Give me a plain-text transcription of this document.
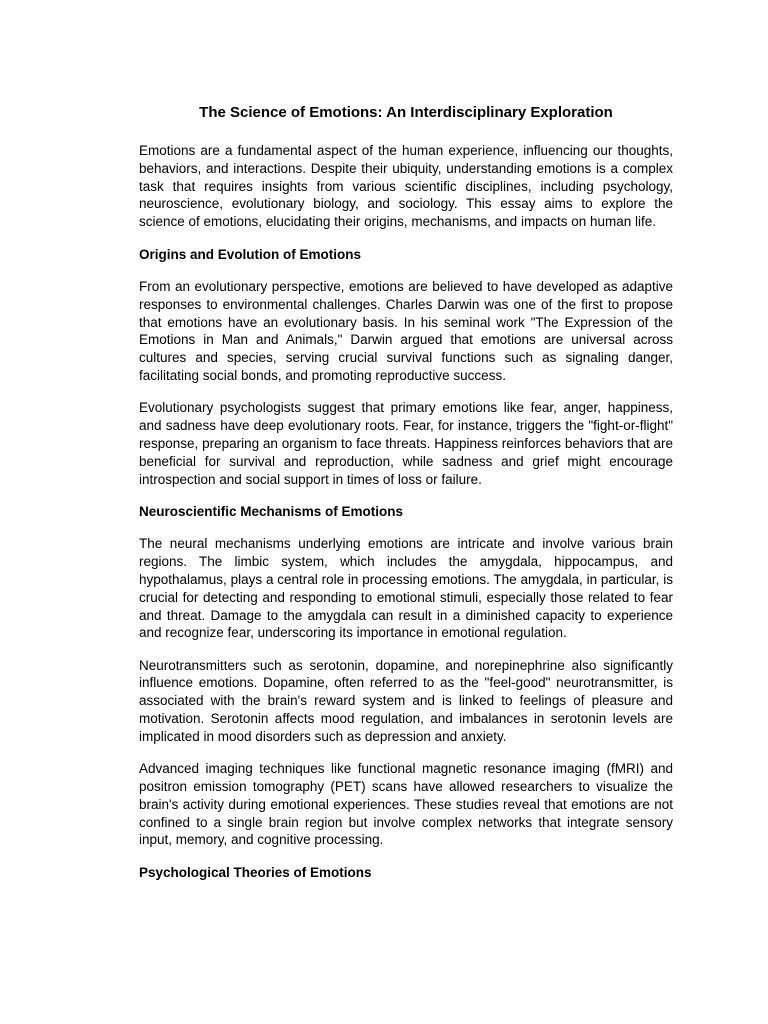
The Science of Emotions: An Interdisciplinary Exploration

Emotions are a fundamental aspect of the human experience, influencing our thoughts, behaviors, and interactions. Despite their ubiquity, understanding emotions is a complex task that requires insights from various scientific disciplines, including psychology, neuroscience, evolutionary biology, and sociology. This essay aims to explore the science of emotions, elucidating their origins, mechanisms, and impacts on human life.

Origins and Evolution of Emotions

From an evolutionary perspective, emotions are believed to have developed as adaptive responses to environmental challenges. Charles Darwin was one of the first to propose that emotions have an evolutionary basis. In his seminal work "The Expression of the Emotions in Man and Animals," Darwin argued that emotions are universal across cultures and species, serving crucial survival functions such as signaling danger, facilitating social bonds, and promoting reproductive success.

Evolutionary psychologists suggest that primary emotions like fear, anger, happiness, and sadness have deep evolutionary roots. Fear, for instance, triggers the "fight-or-flight" response, preparing an organism to face threats. Happiness reinforces behaviors that are beneficial for survival and reproduction, while sadness and grief might encourage introspection and social support in times of loss or failure.

Neuroscientific Mechanisms of Emotions

The neural mechanisms underlying emotions are intricate and involve various brain regions. The limbic system, which includes the amygdala, hippocampus, and hypothalamus, plays a central role in processing emotions. The amygdala, in particular, is crucial for detecting and responding to emotional stimuli, especially those related to fear and threat. Damage to the amygdala can result in a diminished capacity to experience and recognize fear, underscoring its importance in emotional regulation.

Neurotransmitters such as serotonin, dopamine, and norepinephrine also significantly influence emotions. Dopamine, often referred to as the "feel-good" neurotransmitter, is associated with the brain's reward system and is linked to feelings of pleasure and motivation. Serotonin affects mood regulation, and imbalances in serotonin levels are implicated in mood disorders such as depression and anxiety.

Advanced imaging techniques like functional magnetic resonance imaging (fMRI) and positron emission tomography (PET) scans have allowed researchers to visualize the brain's activity during emotional experiences. These studies reveal that emotions are not confined to a single brain region but involve complex networks that integrate sensory input, memory, and cognitive processing.

Psychological Theories of Emotions
